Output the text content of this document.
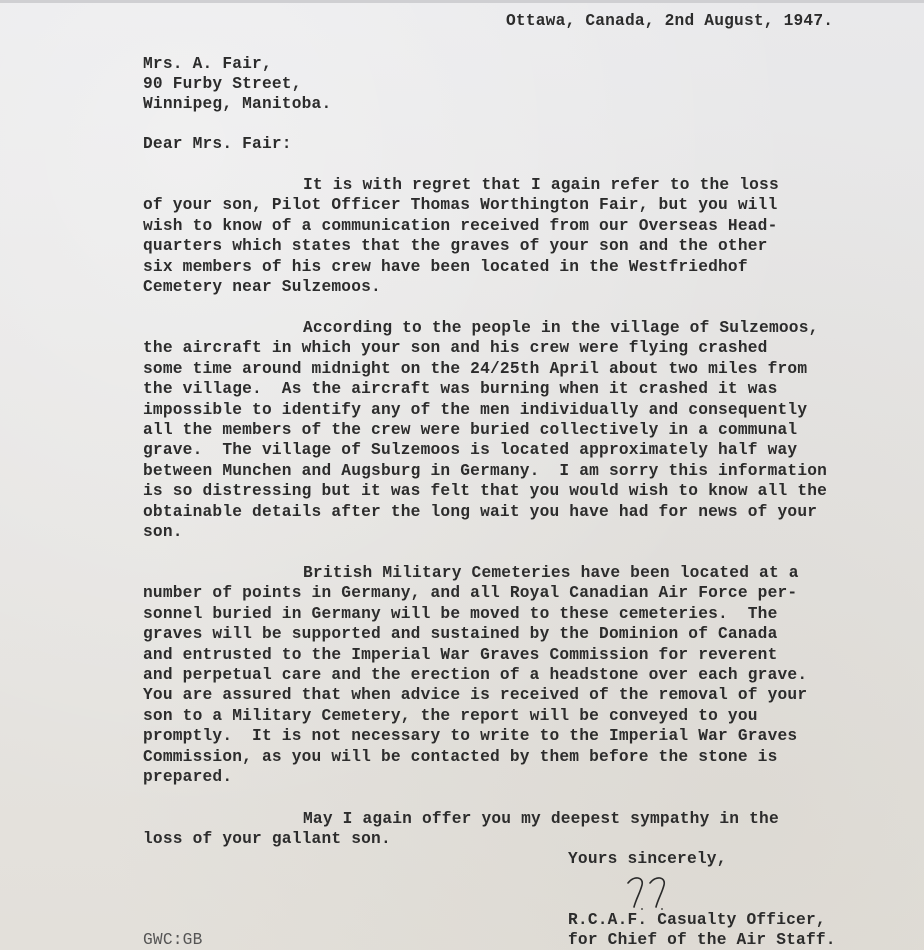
Ottawa, Canada, 2nd August, 1947.
Mrs. A. Fair,
90 Furby Street,
Winnipeg, Manitoba.
Dear Mrs. Fair:
It is with regret that I again refer to the loss
of your son, Pilot Officer Thomas Worthington Fair, but you will
wish to know of a communication received from our Overseas Head-
quarters which states that the graves of your son and the other
six members of his crew have been located in the Westfriedhof
Cemetery near Sulzemoos.
According to the people in the village of Sulzemoos,
the aircraft in which your son and his crew were flying crashed
some time around midnight on the 24/25th April about two miles from
the village.  As the aircraft was burning when it crashed it was
impossible to identify any of the men individually and consequently
all the members of the crew were buried collectively in a communal
grave.  The village of Sulzemoos is located approximately half way
between Munchen and Augsburg in Germany.  I am sorry this information
is so distressing but it was felt that you would wish to know all the
obtainable details after the long wait you have had for news of your
son.
British Military Cemeteries have been located at a
number of points in Germany, and all Royal Canadian Air Force per-
sonnel buried in Germany will be moved to these cemeteries.  The
graves will be supported and sustained by the Dominion of Canada
and entrusted to the Imperial War Graves Commission for reverent
and perpetual care and the erection of a headstone over each grave.
You are assured that when advice is received of the removal of your
son to a Military Cemetery, the report will be conveyed to you
promptly.  It is not necessary to write to the Imperial War Graves
Commission, as you will be contacted by them before the stone is
prepared.
May I again offer you my deepest sympathy in the
loss of your gallant son.
Yours sincerely,
R.C.A.F. Casualty Officer,
for Chief of the Air Staff.
GWC:GB
